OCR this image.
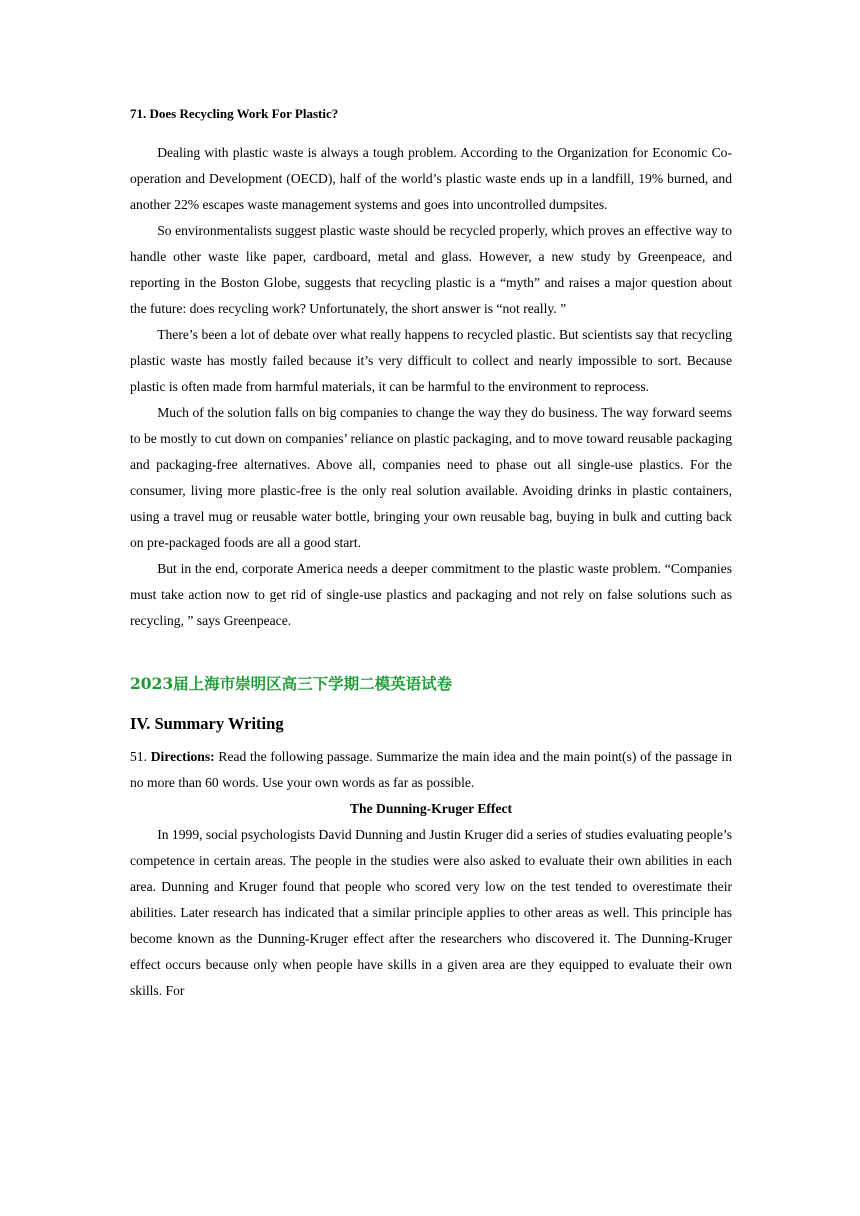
71. Does Recycling Work For Plastic?

Dealing with plastic waste is always a tough problem. According to the Organization for Economic Co-operation and Development (OECD), half of the world’s plastic waste ends up in a landfill, 19% burned, and another 22% escapes waste management systems and goes into uncontrolled dumpsites.

So environmentalists suggest plastic waste should be recycled properly, which proves an effective way to handle other waste like paper, cardboard, metal and glass. However, a new study by Greenpeace, and reporting in the Boston Globe, suggests that recycling plastic is a “myth” and raises a major question about the future: does recycling work? Unfortunately, the short answer is “not really. ”

There’s been a lot of debate over what really happens to recycled plastic. But scientists say that recycling plastic waste has mostly failed because it’s very difficult to collect and nearly impossible to sort. Because plastic is often made from harmful materials, it can be harmful to the environment to reprocess.

Much of the solution falls on big companies to change the way they do business. The way forward seems to be mostly to cut down on companies’ reliance on plastic packaging, and to move toward reusable packaging and packaging-free alternatives. Above all, companies need to phase out all single-use plastics. For the consumer, living more plastic-free is the only real solution available. Avoiding drinks in plastic containers, using a travel mug or reusable water bottle, bringing your own reusable bag, buying in bulk and cutting back on pre-packaged foods are all a good start.

But in the end, corporate America needs a deeper commitment to the plastic waste problem. “Companies must take action now to get rid of single-use plastics and packaging and not rely on false solutions such as recycling, ” says Greenpeace.

2023届上海市崇明区高三下学期二模英语试卷
IV. Summary Writing

51. Directions: Read the following passage. Summarize the main idea and the main point(s) of the passage in no more than 60 words. Use your own words as far as possible.

The Dunning-Kruger Effect

In 1999, social psychologists David Dunning and Justin Kruger did a series of studies evaluating people’s competence in certain areas. The people in the studies were also asked to evaluate their own abilities in each area. Dunning and Kruger found that people who scored very low on the test tended to overestimate their abilities. Later research has indicated that a similar principle applies to other areas as well. This principle has become known as the Dunning-Kruger effect after the researchers who discovered it. The Dunning-Kruger effect occurs because only when people have skills in a given area are they equipped to evaluate their own skills. For
